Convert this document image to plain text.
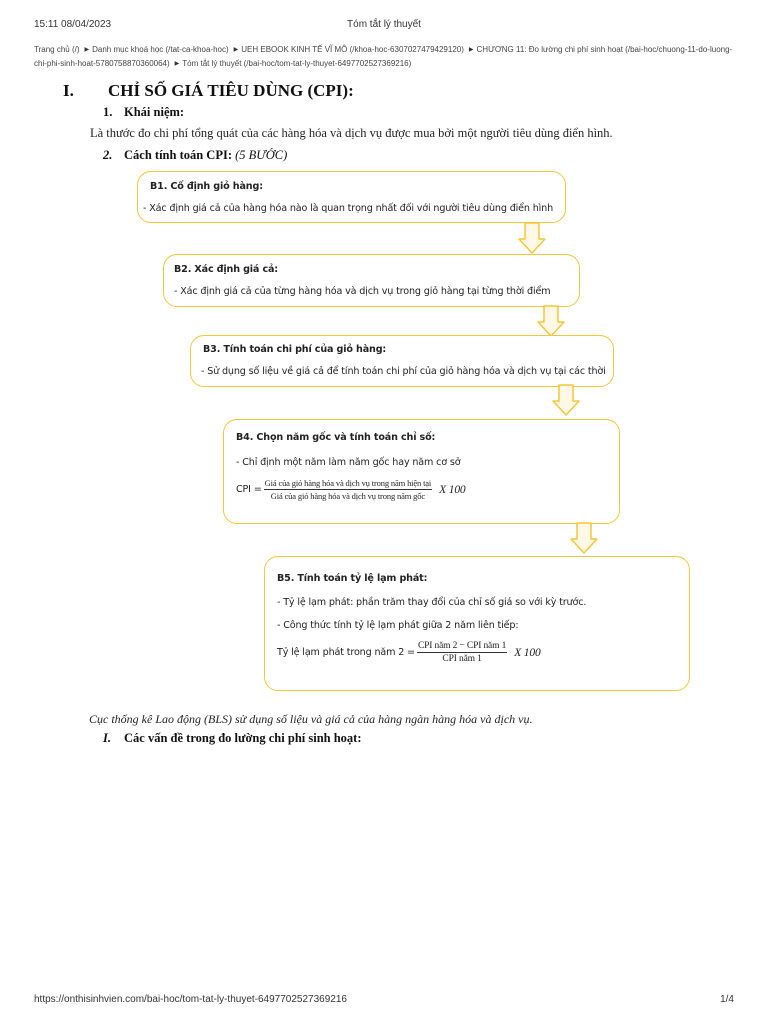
15:11 08/04/2023	Tóm tắt lý thuyết
Trang chủ (/) ▶ Danh mục khoá học (/tat-ca-khoa-hoc) ▶ UEH EBOOK KINH TẾ VĨ MÔ (/khoa-hoc-6307027479429120) ▶ CHƯƠNG 11: Đo lường chi phí sinh hoạt (/bai-hoc/chuong-11-do-luong-chi-phi-sinh-hoat-5780758870360064) ▶ Tóm tắt lý thuyết (/bai-hoc/tom-tat-ly-thuyet-6497702527369216)
I. CHỈ SỐ GIÁ TIÊU DÙNG (CPI):
1. Khái niệm:
Là thước đo chi phí tổng quát của các hàng hóa và dịch vụ được mua bởi một người tiêu dùng điển hình.
2. Cách tính toán CPI: (5 BƯỚC)
B1. Cố định giỏ hàng:
- Xác định giá cả của hàng hóa nào là quan trọng nhất đối với người tiêu dùng điển hình
B2. Xác định giá cả:
- Xác định giá cả của từng hàng hóa và dịch vụ trong giỏ hàng tại từng thời điểm
B3. Tính toán chi phí của giỏ hàng:
- Sử dụng số liệu về giá cả để tính toán chi phí của giỏ hàng hóa và dịch vụ tại các thời
B4. Chọn năm gốc và tính toán chỉ số:
- Chỉ định một năm làm năm gốc hay năm cơ sở
CPI = $\frac{\text{Giá của giỏ hàng hóa và dịch vụ trong năm hiện tại}}{\text{Giá của giỏ hàng hóa và dịch vụ trong năm gốc}}$ X 100
B5. Tính toán tỷ lệ lạm phát:
- Tỷ lệ lạm phát: phần trăm thay đổi của chỉ số giá so với kỳ trước.
- Công thức tính tỷ lệ lạm phát giữa 2 năm liên tiếp:
Tỷ lệ lạm phát trong năm $2 = \frac{\text{CPI năm 2 − CPI năm 1}}{\text{CPI năm 1}}$ X 100
Cục thống kê Lao động (BLS) sử dụng số liệu và giá cả của hàng ngàn hàng hóa và dịch vụ.
I. Các vấn đề trong đo lường chi phí sinh hoạt:
https://onthisinhvien.com/bai-hoc/tom-tat-ly-thuyet-6497702527369216	1/4
